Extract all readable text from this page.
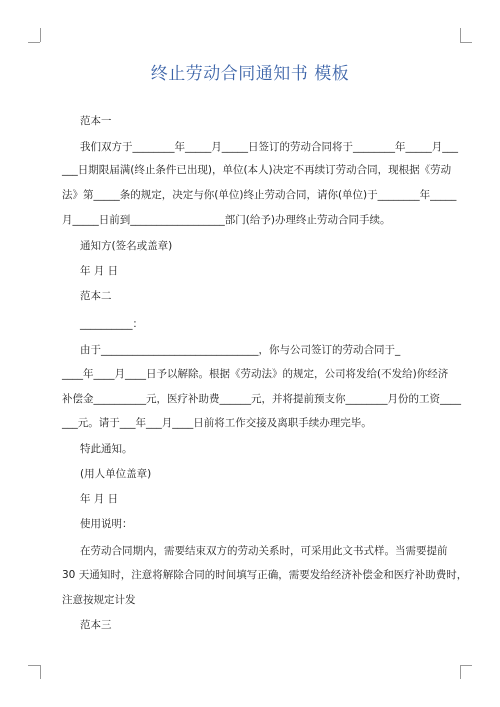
终止劳动合同通知书 模板
范本一
我们双方于________年_____月_____日签订的劳动合同将于________年_____月___
___日期限届满(终止条件已出现)，单位(本人)决定不再续订劳动合同，现根据《劳动
法》第_____条的规定，决定与你(单位)终止劳动合同，请你(单位)于________年_____
月_____日前到__________________部门(给予)办理终止劳动合同手续。
通知方(签名或盖章)
年 月 日
范本二
__________：
由于______________________________，你与公司签订的劳动合同于_
____年____月____日予以解除。根据《劳动法》的规定，公司将发给(不发给)你经济
补偿金__________元，医疗补助费______元，并将提前预支你________月份的工资____
___元。请于___年___月____日前将工作交接及离职手续办理完毕。
特此通知。
(用人单位盖章)
年 月 日
使用说明：
在劳动合同期内，需要结束双方的劳动关系时，可采用此文书式样。当需要提前
30 天通知时，注意将解除合同的时间填写正确，需要发给经济补偿金和医疗补助费时，
注意按规定计发
范本三
